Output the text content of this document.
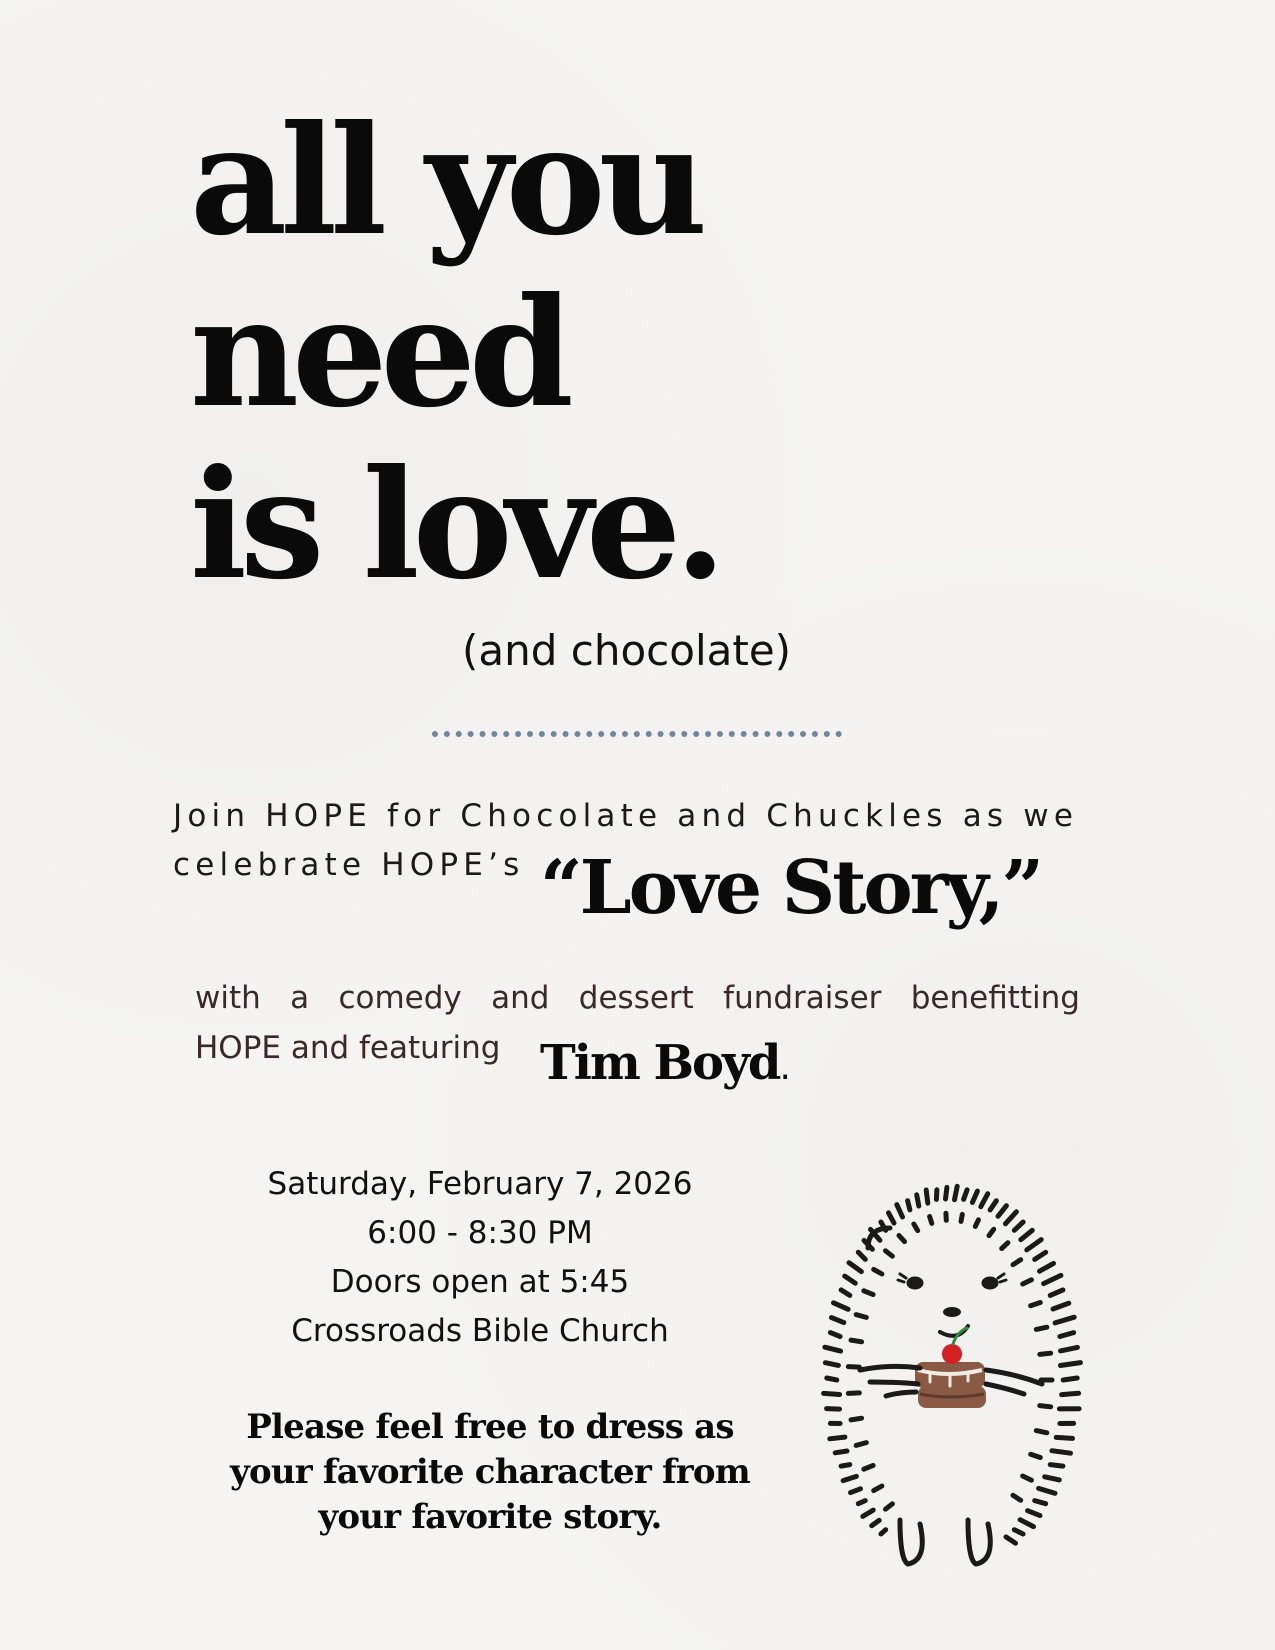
all you
need
is love.
(and chocolate)
Join HOPE for Chocolate and Chuckles as we
celebrate HOPE’s “Love Story,”
with a comedy and dessert fundraiser benefitting
HOPE and featuring Tim Boyd.
Saturday, February 7, 2026
6:00 - 8:30 PM
Doors open at 5:45
Crossroads Bible Church
Please feel free to dress as
your favorite character from
your favorite story.
